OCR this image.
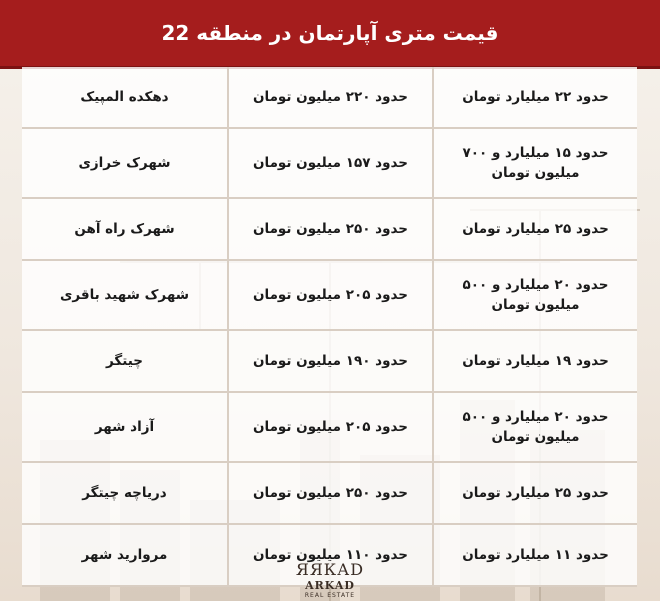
قیمت متری آپارتمان در منطقه 22
حدود ۲۲ میلیارد تومان
حدود ۲۲۰ میلیون تومان
دهکده المپیک
حدود ۱۵ میلیارد و ۷۰۰ میلیون تومان
حدود ۱۵۷ میلیون تومان
شهرک خرازی
حدود ۲۵ میلیارد تومان
حدود ۲۵۰ میلیون تومان
شهرک راه آهن
حدود ۲۰ میلیارد و ۵۰۰ میلیون تومان
حدود ۲۰۵ میلیون تومان
شهرک شهید باقری
حدود ۱۹ میلیارد تومان
حدود ۱۹۰ میلیون تومان
چیتگر
حدود ۲۰ میلیارد و ۵۰۰ میلیون تومان
حدود ۲۰۵ میلیون تومان
آزاد شهر
حدود ۲۵ میلیارد تومان
حدود ۲۵۰ میلیون تومان
دریاچه چیتگر
حدود ۱۱ میلیارد تومان
حدود ۱۱۰ میلیون تومان
مروارید شهر
ЯЯКАD
ARKAD
REAL ESTATE
